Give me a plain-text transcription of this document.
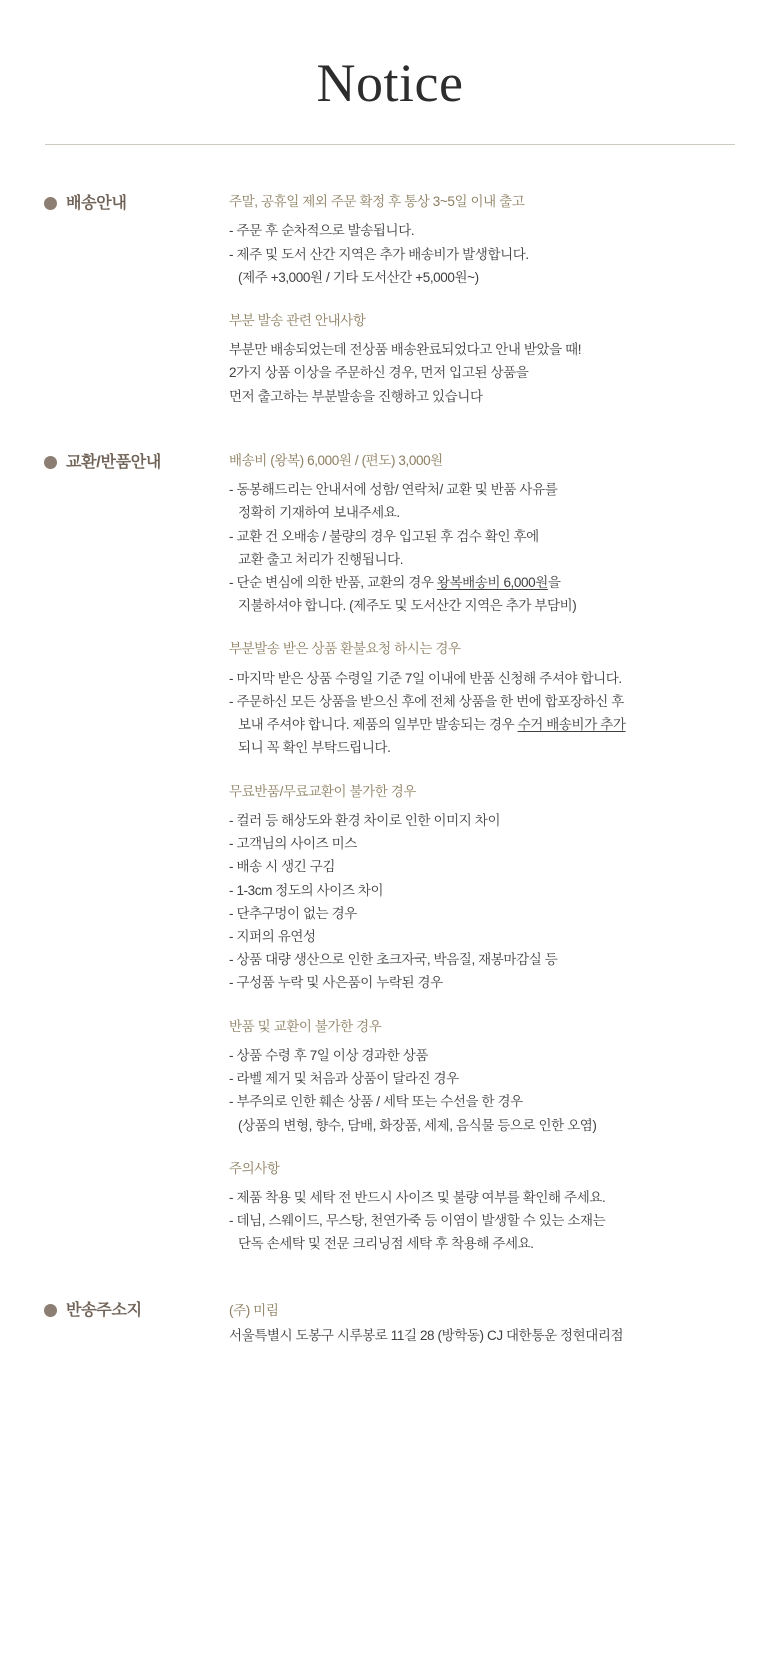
Notice
배송안내	주말, 공휴일 제외 주문 확정 후 통상 3~5일 이내 출고
- 주문 후 순차적으로 발송됩니다.
- 제주 및 도서 산간 지역은 추가 배송비가 발생합니다.
(제주 +3,000원 / 기타 도서산간 +5,000원~)
부분 발송 관련 안내사항
부분만 배송되었는데 전상품 배송완료되었다고 안내 받았을 때!
2가지 상품 이상을 주문하신 경우, 먼저 입고된 상품을
먼저 출고하는 부분발송을 진행하고 있습니다
교환/반품안내	배송비 (왕복) 6,000원 / (편도) 3,000원
- 동봉해드리는 안내서에 성함/ 연락처/ 교환 및 반품 사유를
정확히 기재하여 보내주세요.
- 교환 건 오배송 / 불량의 경우 입고된 후 검수 확인 후에
교환 출고 처리가 진행됩니다.
- 단순 변심에 의한 반품, 교환의 경우 왕복배송비 6,000원을
지불하셔야 합니다. (제주도 및 도서산간 지역은 추가 부담비)
부분발송 받은 상품 환불요청 하시는 경우
- 마지막 받은 상품 수령일 기준 7일 이내에 반품 신청해 주셔야 합니다.
- 주문하신 모든 상품을 받으신 후에 전체 상품을 한 번에 합포장하신 후
보내 주셔야 합니다. 제품의 일부만 발송되는 경우 수거 배송비가 추가
되니 꼭 확인 부탁드립니다.
무료반품/무료교환이 불가한 경우
- 컬러 등 해상도와 환경 차이로 인한 이미지 차이
- 고객님의 사이즈 미스
- 배송 시 생긴 구김
- 1-3cm 정도의 사이즈 차이
- 단추구멍이 없는 경우
- 지퍼의 유연성
- 상품 대량 생산으로 인한 초크자국, 박음질, 재봉마감실 등
- 구성품 누락 및 사은품이 누락된 경우
반품 및 교환이 불가한 경우
- 상품 수령 후 7일 이상 경과한 상품
- 라벨 제거 및 처음과 상품이 달라진 경우
- 부주의로 인한 훼손 상품 / 세탁 또는 수선을 한 경우
(상품의 변형, 향수, 담배, 화장품, 세제, 음식물 등으로 인한 오염)
주의사항
- 제품 착용 및 세탁 전 반드시 사이즈 및 불량 여부를 확인해 주세요.
- 데님, 스웨이드, 무스탕, 천연가죽 등 이염이 발생할 수 있는 소재는
단독 손세탁 및 전문 크리닝점 세탁 후 착용해 주세요.
반송주소지	(주) 미림
서울특별시 도봉구 시루봉로 11길 28 (방학동) CJ 대한통운 정현대리점
